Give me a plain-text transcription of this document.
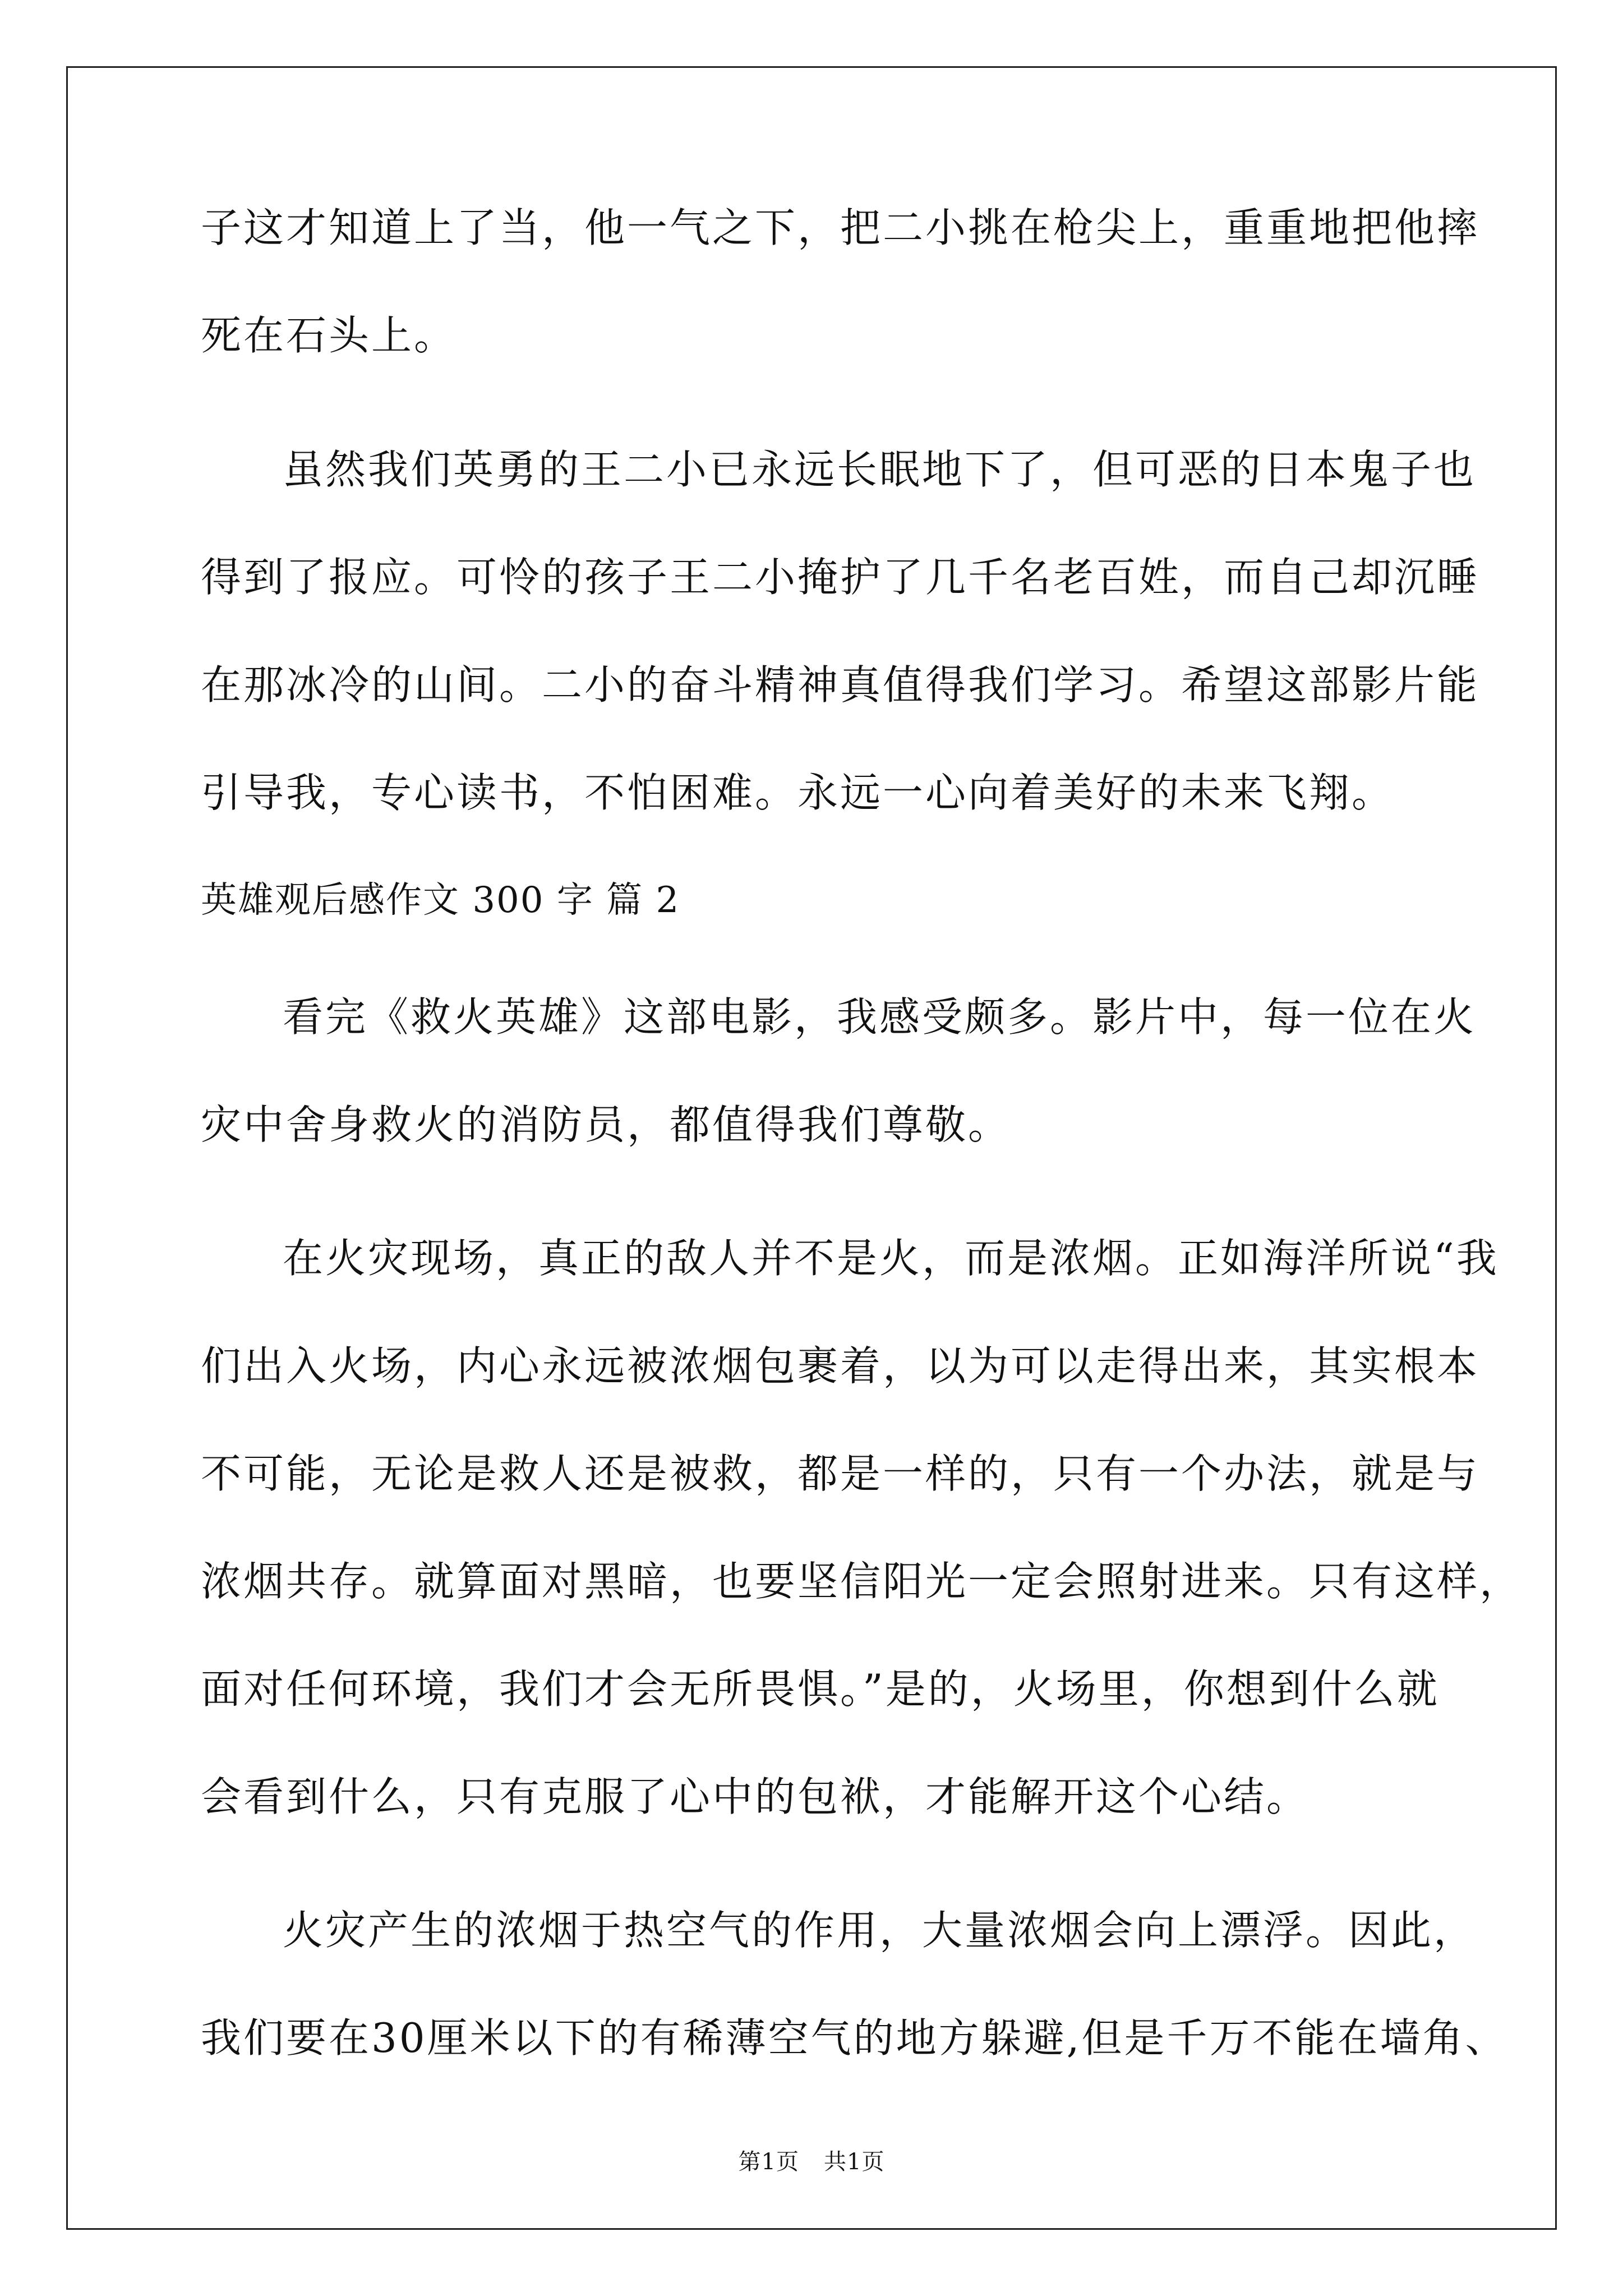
子这才知道上了当，他一气之下，把二小挑在枪尖上，重重地把他摔
死在石头上。
虽然我们英勇的王二小已永远长眠地下了，但可恶的日本鬼子也
得到了报应。可怜的孩子王二小掩护了几千名老百姓，而自己却沉睡
在那冰冷的山间。二小的奋斗精神真值得我们学习。希望这部影片能
引导我，专心读书，不怕困难。永远一心向着美好的未来飞翔。
英雄观后感作文 300 字 篇 2
看完《救火英雄》这部电影，我感受颇多。影片中，每一位在火
灾中舍身救火的消防员，都值得我们尊敬。
在火灾现场，真正的敌人并不是火，而是浓烟。正如海洋所说“我
们出入火场，内心永远被浓烟包裹着，以为可以走得出来，其实根本
不可能，无论是救人还是被救，都是一样的，只有一个办法，就是与
浓烟共存。就算面对黑暗，也要坚信阳光一定会照射进来。只有这样，
面对任何环境，我们才会无所畏惧。”是的，火场里，你想到什么就
会看到什么，只有克服了心中的包袱，才能解开这个心结。
火灾产生的浓烟于热空气的作用，大量浓烟会向上漂浮。因此，
我们要在30厘米以下的有稀薄空气的地方躲避,但是千万不能在墙角、
第1页 共1页
